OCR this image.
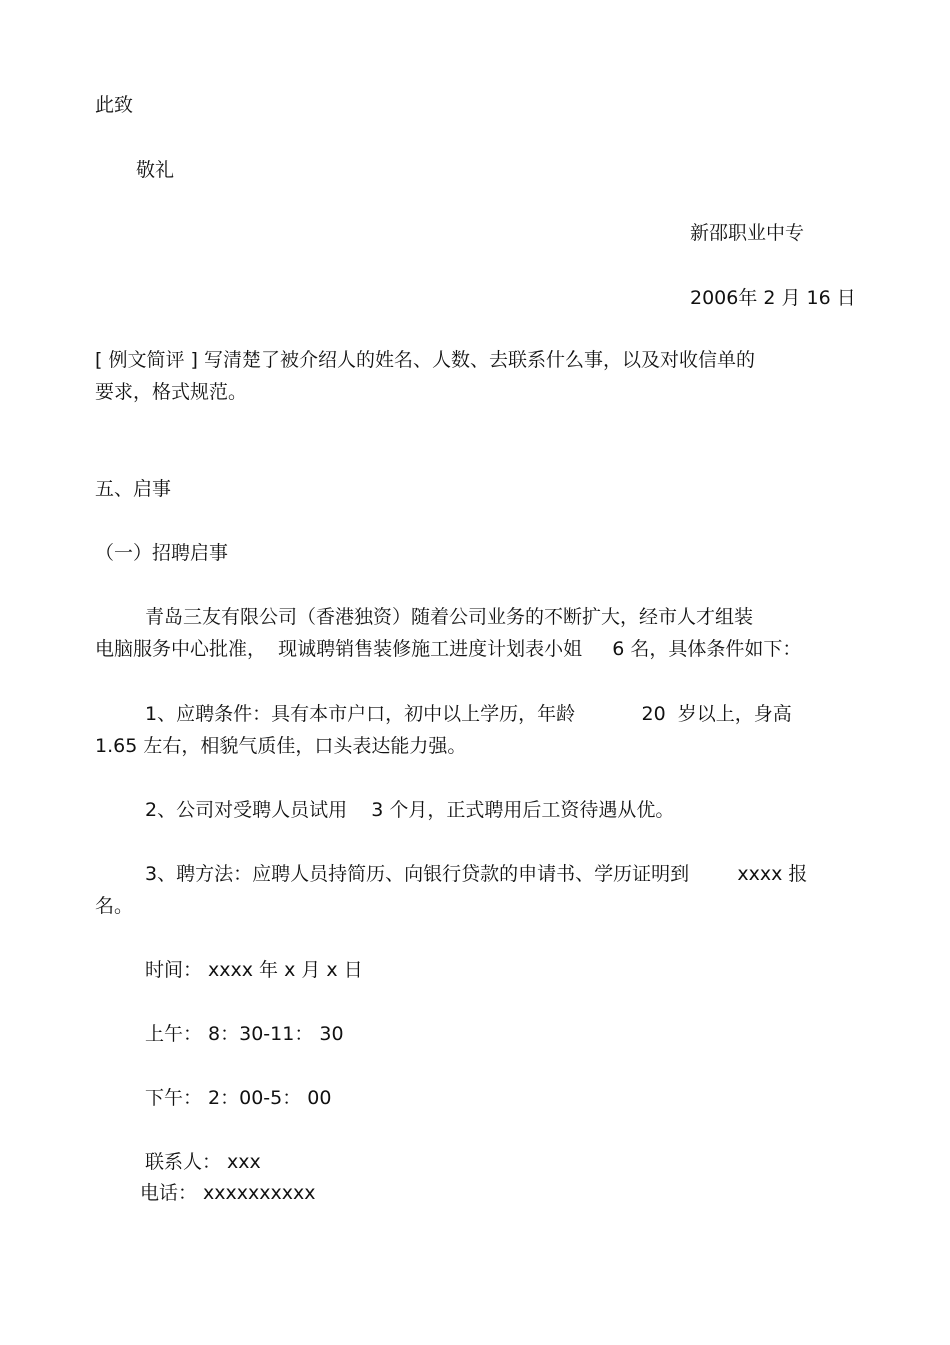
此致
敬礼
新邵职业中专
2006年 2 月 16 日
[ 例文简评 ] 写清楚了被介绍人的姓名、人数、去联系什么事，以及对收信单的
要求，格式规范。
五、启事
（一）招聘启事
青岛三友有限公司（香港独资）随着公司业务的不断扩大，经市人才组装
电脑服务中心批准，  现诚聘销售装修施工进度计划表小姐     6 名，具体条件如下：
1、应聘条件：具有本市户口，初中以上学历，年龄           20  岁以上，身高
1.65 左右，相貌气质佳，口头表达能力强。
2、公司对受聘人员试用    3 个月，正式聘用后工资待遇从优。
3、聘方法：应聘人员持简历、向银行贷款的申请书、学历证明到        xxxx 报
名。
时间： xxxx 年 x 月 x 日
上午： 8：30-11： 30
下午： 2：00-5： 00
联系人： xxx
电话： xxxxxxxxxx
